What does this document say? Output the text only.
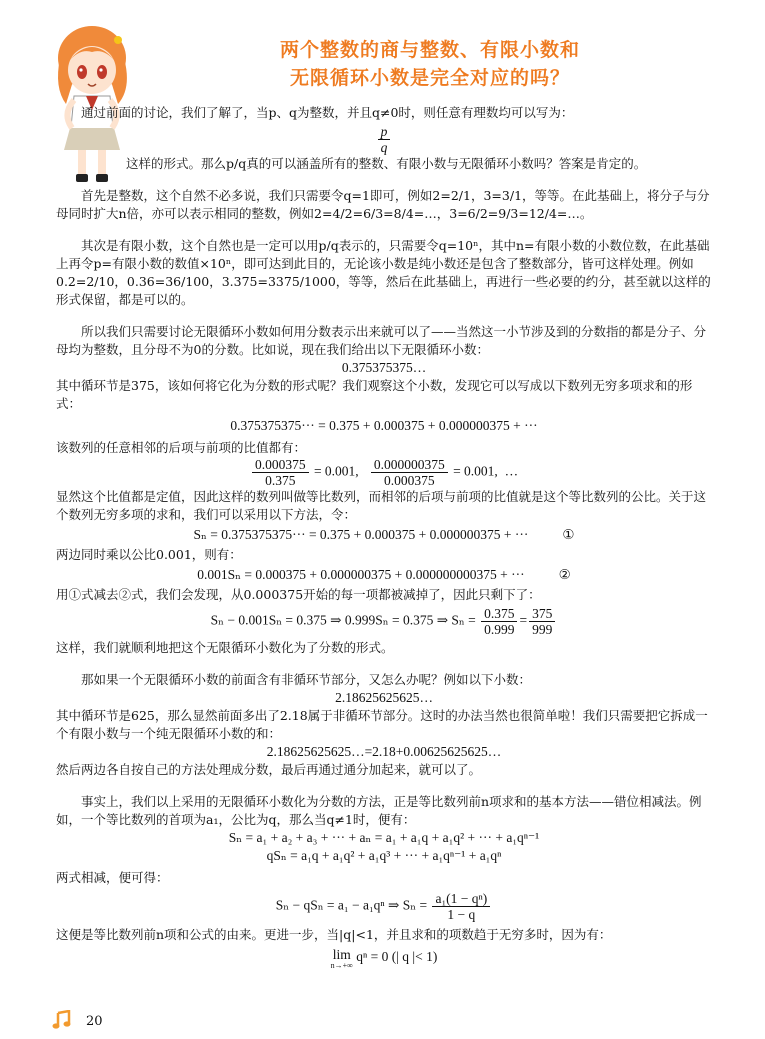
两个整数的商与整数、有限小数和
无限循环小数是完全对应的吗？

通过前面的讨论，我们了解了，当p、q为整数，并且q≠0时，则任意有理数均可以写为：

$\frac{p}{q}$

这样的形式。那么p/q真的可以涵盖所有的整数、有限小数与无限循环小数吗？答案是肯定的。

首先是整数，这个自然不必多说，我们只需要令q=1即可，例如2=2/1，3=3/1，等等。在此基础上，将分子与分母同时扩大n倍，亦可以表示相同的整数，例如2=4/2=6/3=8/4=…，3=6/2=9/3=12/4=…。

其次是有限小数，这个自然也是一定可以用p/q表示的，只需要令q=10ⁿ，其中n=有限小数的小数位数，在此基础上再令p=有限小数的数值×10ⁿ，即可达到此目的，无论该小数是纯小数还是包含了整数部分，皆可这样处理。例如0.2=2/10，0.36=36/100，3.375=3375/1000，等等，然后在此基础上，再进行一些必要的约分，甚至就以这样的形式保留，都是可以的。

所以我们只需要讨论无限循环小数如何用分数表示出来就可以了——当然这一小节涉及到的分数指的都是分子、分母均为整数，且分母不为0的分数。比如说，现在我们给出以下无限循环小数：

0.375375375…

其中循环节是375，该如何将它化为分数的形式呢？我们观察这个小数，发现它可以写成以下数列无穷多项求和的形式：

0.375375375··· = 0.375 + 0.000375 + 0.000000375 + ···

该数列的任意相邻的后项与前项的比值都有：

$\frac{0.000375}{0.375} = 0.001$, $\frac{0.000000375}{0.000375} = 0.001$, …

显然这个比值都是定值，因此这样的数列叫做等比数列，而相邻的后项与前项的比值就是这个等比数列的公比。关于这个数列无穷多项的求和，我们可以采用以下方法，令：

Sₙ = 0.375375375··· = 0.375 + 0.000375 + 0.000000375 + ···	①

两边同时乘以公比0.001，则有：

0.001Sₙ = 0.000375 + 0.000000375 + 0.000000000375 + ···	②

用①式减去②式，我们会发现，从0.000375开始的每一项都被减掉了，因此只剩下了：

Sₙ − 0.001Sₙ = 0.375 ⇒ 0.999Sₙ = 0.375 ⇒ $S_n = \frac{0.375}{0.999} = \frac{375}{999}$

这样，我们就顺利地把这个无限循环小数化为了分数的形式。

那如果一个无限循环小数的前面含有非循环节部分，又怎么办呢？例如以下小数：

2.18625625625…

其中循环节是625，那么显然前面多出了2.18属于非循环节部分。这时的办法当然也很简单啦！我们只需要把它拆成一个有限小数与一个纯无限循环小数的和：

2.18625625625…=2.18+0.00625625625…

然后两边各自按自己的方法处理成分数，最后再通过通分加起来，就可以了。

事实上，我们以上采用的无限循环小数化为分数的方法，正是等比数列前n项求和的基本方法——错位相减法。例如，一个等比数列的首项为a₁，公比为q，那么当q≠1时，便有：

Sₙ = a₁ + a₂ + a₃ + ··· + aₙ = a₁ + a₁q + a₁q² + ··· + a₁qⁿ⁻¹
qSₙ = a₁q + a₁q² + a₁q³ + ··· + a₁qⁿ⁻¹ + a₁qⁿ

两式相减，便可得：

Sₙ − qSₙ = a₁ − a₁qⁿ ⇒ $S_n = \frac{\text{a₁(1 − qⁿ)}}{1 - q}$

这便是等比数列前n项和公式的由来。更进一步，当|q|<1，并且求和的项数趋于无穷多时，因为有：

lim
n→+∞
qⁿ = 0 (| q |< 1)
20
